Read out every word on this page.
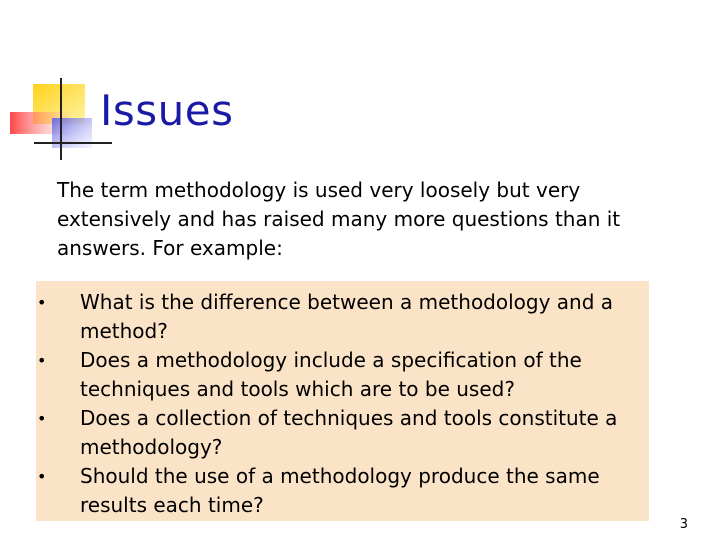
Issues
The term methodology is used very loosely but very extensively and has raised many more questions than it answers. For example:
• What is the difference between a methodology and a method?
• Does a methodology include a specification of the techniques and tools which are to be used?
• Does a collection of techniques and tools constitute a methodology?
• Should the use of a methodology produce the same results each time?
3
